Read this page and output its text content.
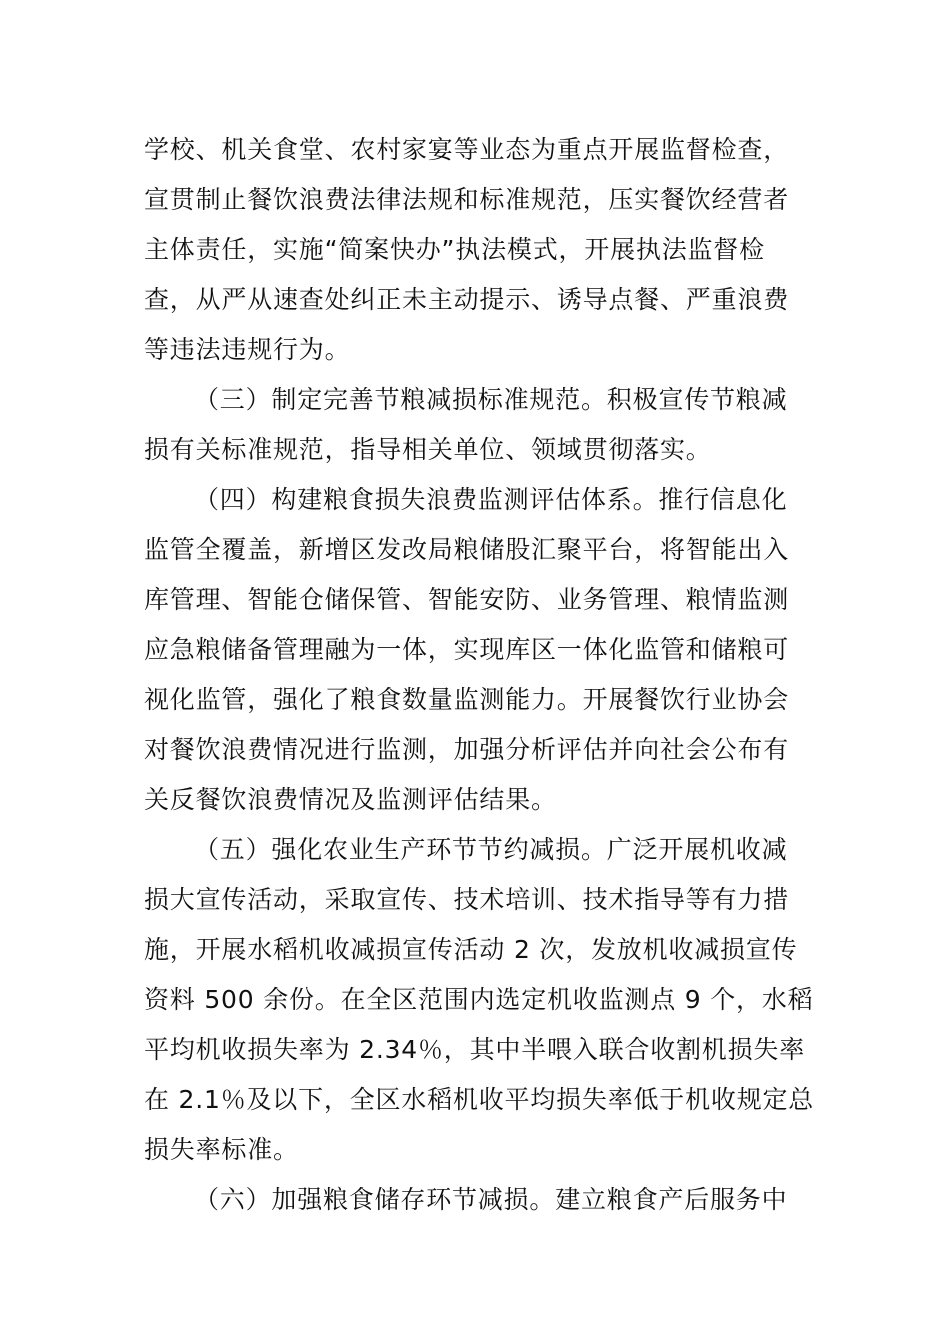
学校、机关食堂、农村家宴等业态为重点开展监督检查，
宣贯制止餐饮浪费法律法规和标准规范，压实餐饮经营者
主体责任，实施“简案快办”执法模式，开展执法监督检
查，从严从速查处纠正未主动提示、诱导点餐、严重浪费
等违法违规行为。
（三）制定完善节粮减损标准规范。积极宣传节粮减
损有关标准规范，指导相关单位、领域贯彻落实。
（四）构建粮食损失浪费监测评估体系。推行信息化
监管全覆盖，新增区发改局粮储股汇聚平台，将智能出入
库管理、智能仓储保管、智能安防、业务管理、粮情监测
应急粮储备管理融为一体，实现库区一体化监管和储粮可
视化监管，强化了粮食数量监测能力。开展餐饮行业协会
对餐饮浪费情况进行监测，加强分析评估并向社会公布有
关反餐饮浪费情况及监测评估结果。
（五）强化农业生产环节节约减损。广泛开展机收减
损大宣传活动，采取宣传、技术培训、技术指导等有力措
施，开展水稻机收减损宣传活动 2 次，发放机收减损宣传
资料 500 余份。在全区范围内选定机收监测点 9 个，水稻
平均机收损失率为 2.34％，其中半喂入联合收割机损失率
在 2.1％及以下，全区水稻机收平均损失率低于机收规定总
损失率标准。
（六）加强粮食储存环节减损。建立粮食产后服务中
